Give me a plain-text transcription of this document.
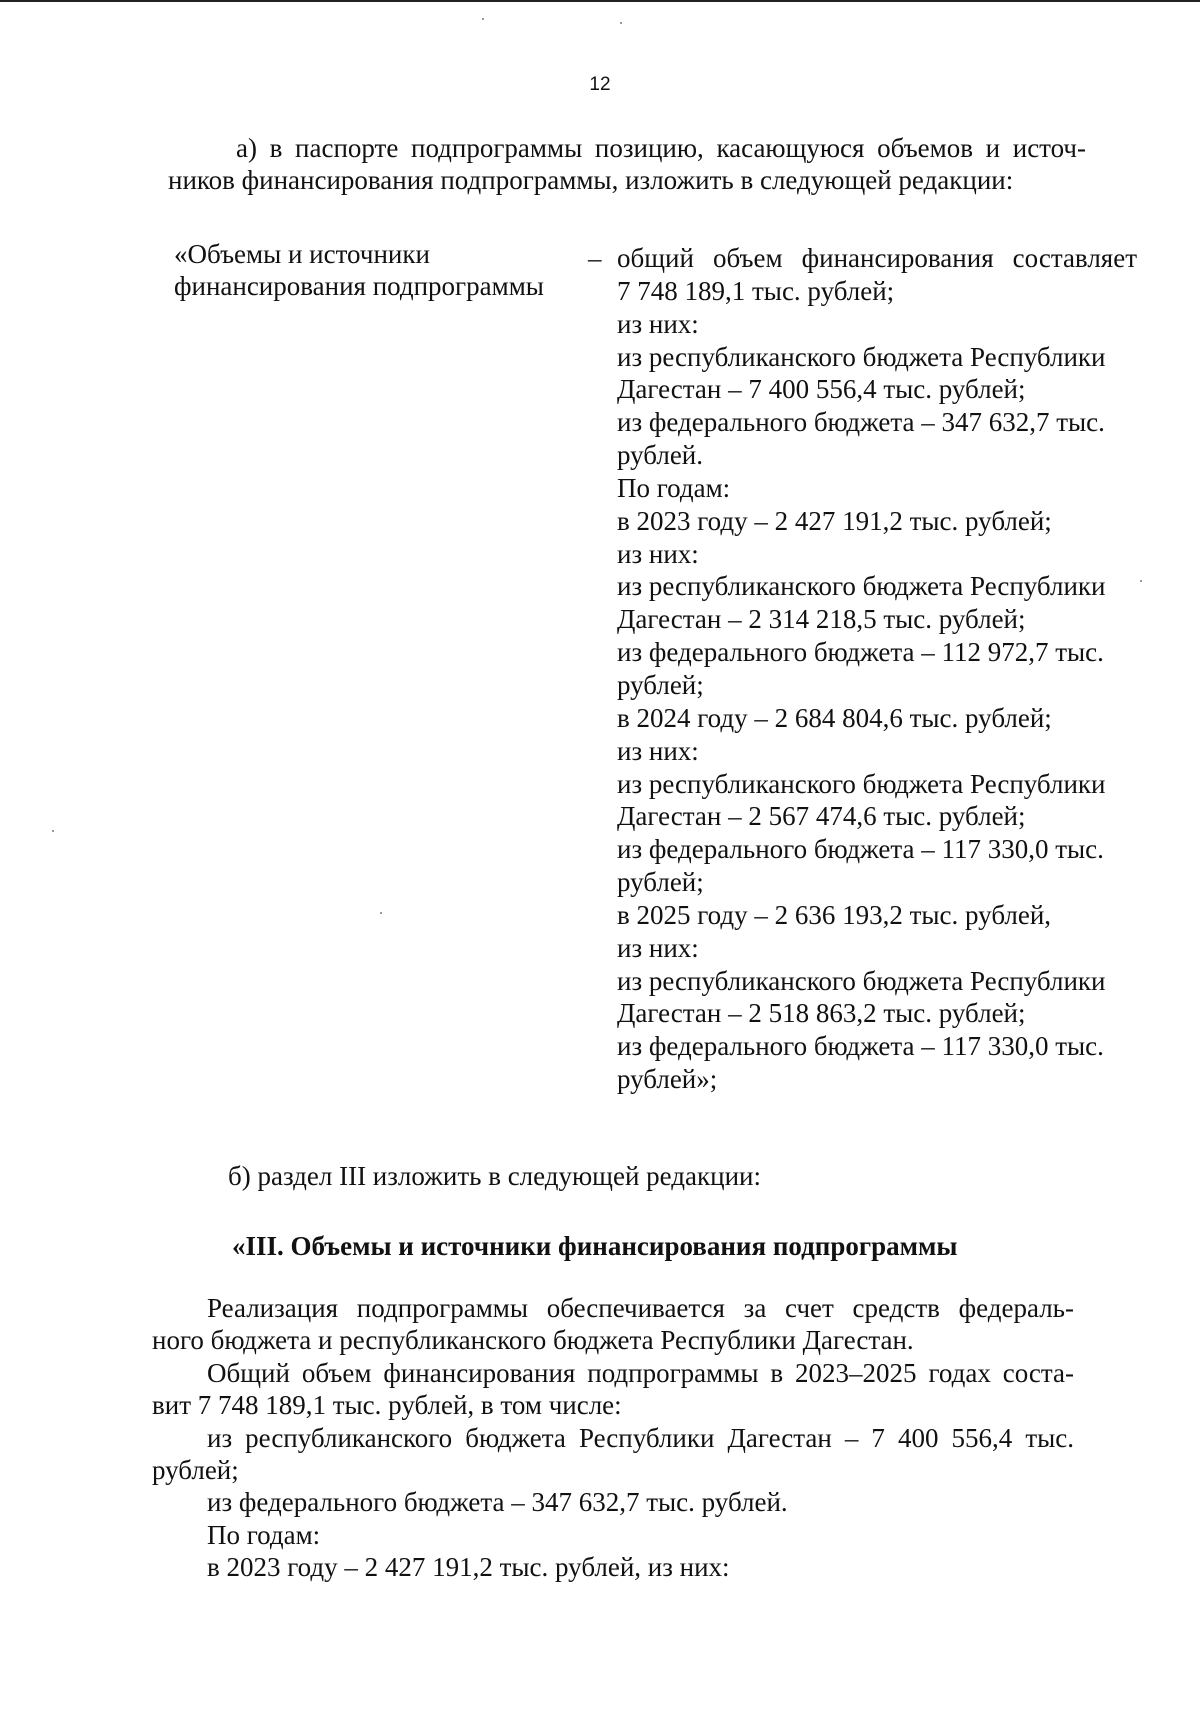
12
а) в паспорте подпрограммы позицию, касающуюся объемов и источ-
ников финансирования подпрограммы, изложить в следующей редакции:
«Объемы и источники
финансирования подпрограммы
– общий объем финансирования составляет
7 748 189,1 тыс. рублей;
из них:
из республиканского бюджета Республики
Дагестан – 7 400 556,4 тыс. рублей;
из федерального бюджета – 347 632,7 тыс.
рублей.
По годам:
в 2023 году – 2 427 191,2 тыс. рублей;
из них:
из республиканского бюджета Республики
Дагестан – 2 314 218,5 тыс. рублей;
из федерального бюджета – 112 972,7 тыс.
рублей;
в 2024 году – 2 684 804,6 тыс. рублей;
из них:
из республиканского бюджета Республики
Дагестан – 2 567 474,6 тыс. рублей;
из федерального бюджета – 117 330,0 тыс.
рублей;
в 2025 году – 2 636 193,2 тыс. рублей,
из них:
из республиканского бюджета Республики
Дагестан – 2 518 863,2 тыс. рублей;
из федерального бюджета – 117 330,0 тыс.
рублей»;
б) раздел III изложить в следующей редакции:
«III. Объемы и источники финансирования подпрограммы
Реализация подпрограммы обеспечивается за счет средств федераль-
ного бюджета и республиканского бюджета Республики Дагестан.
Общий объем финансирования подпрограммы в 2023–2025 годах соста-
вит 7 748 189,1 тыс. рублей, в том числе:
из республиканского бюджета Республики Дагестан – 7 400 556,4 тыс.
рублей;
из федерального бюджета – 347 632,7 тыс. рублей.
По годам:
в 2023 году – 2 427 191,2 тыс. рублей, из них:
